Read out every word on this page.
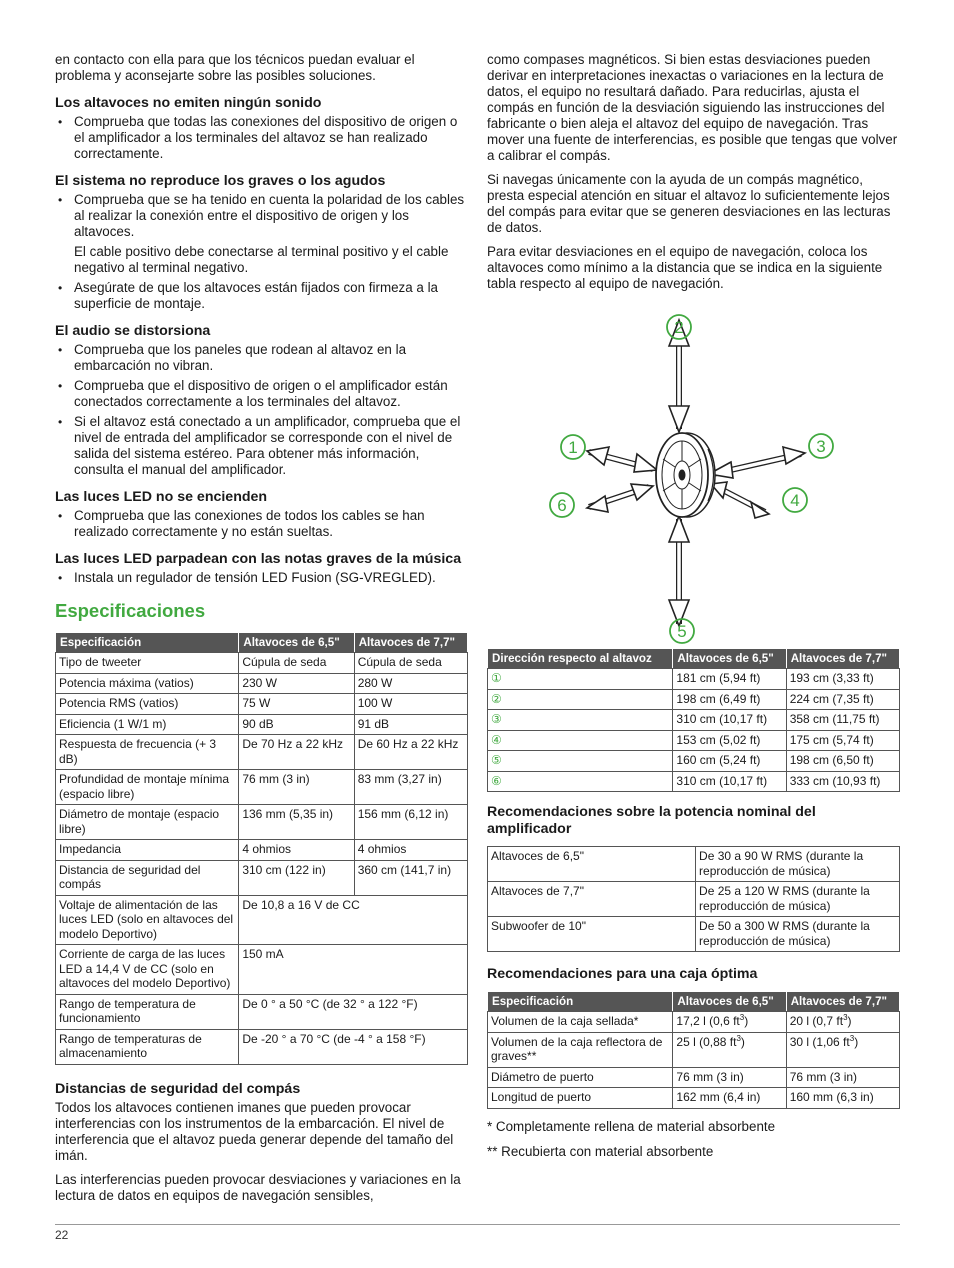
en contacto con ella para que los técnicos puedan evaluar el problema y aconsejarte sobre las posibles soluciones.

Los altavoces no emiten ningún sonido
• Comprueba que todas las conexiones del dispositivo de origen o el amplificador a los terminales del altavoz se han realizado correctamente.
El sistema no reproduce los graves o los agudos
• Comprueba que se ha tenido en cuenta la polaridad de los cables al realizar la conexión entre el dispositivo de origen y los altavoces.

El cable positivo debe conectarse al terminal positivo y el cable negativo al terminal negativo.

• Asegúrate de que los altavoces están fijados con firmeza a la superficie de montaje.
El audio se distorsiona
• Comprueba que los paneles que rodean al altavoz en la embarcación no vibran.
• Comprueba que el dispositivo de origen o el amplificador están conectados correctamente a los terminales del altavoz.
• Si el altavoz está conectado a un amplificador, comprueba que el nivel de entrada del amplificador se corresponde con el nivel de salida del sistema estéreo. Para obtener más información, consulta el manual del amplificador.
Las luces LED no se encienden
• Comprueba que las conexiones de todos los cables se han realizado correctamente y no están sueltas.
Las luces LED parpadean con las notas graves de la música
• Instala un regulador de tensión LED Fusion (SG-VREGLED).
Especificaciones
Especificación	Altavoces de 6,5"	Altavoces de 7,7"
Tipo de tweeter	Cúpula de seda	Cúpula de seda
Potencia máxima (vatios)	230 W	280 W
Potencia RMS (vatios)	75 W	100 W
Eficiencia (1 W/1 m)	90 dB	91 dB
Respuesta de frecuencia (+ 3 dB)	De 70 Hz a 22 kHz	De 60 Hz a 22 kHz
Profundidad de montaje mínima (espacio libre)	76 mm (3 in)	83 mm (3,27 in)
Diámetro de montaje (espacio libre)	136 mm (5,35 in)	156 mm (6,12 in)
Impedancia	4 ohmios	4 ohmios
Distancia de seguridad del compás	310 cm (122 in)	360 cm (141,7 in)
Voltaje de alimentación de las luces LED (solo en altavoces del modelo Deportivo)	De 10,8 a 16 V de CC	
Corriente de carga de las luces LED a 14,4 V de CC (solo en altavoces del modelo Deportivo)	150 mA	
Rango de temperatura de funcionamiento	De 0 ° a 50 °C (de 32 ° a 122 °F)	
Rango de temperaturas de almacenamiento	De -20 ° a 70 °C (de -4 ° a 158 °F)	
Distancias de seguridad del compás

Todos los altavoces contienen imanes que pueden provocar interferencias con los instrumentos de la embarcación. El nivel de interferencia que el altavoz pueda generar depende del tamaño del imán.

Las interferencias pueden provocar desviaciones y variaciones en la lectura de datos en equipos de navegación sensibles,

como compases magnéticos. Si bien estas desviaciones pueden derivar en interpretaciones inexactas o variaciones en la lectura de datos, el equipo no resultará dañado. Para reducirlas, ajusta el compás en función de la desviación siguiendo las instrucciones del fabricante o bien aleja el altavoz del equipo de navegación. Tras mover una fuente de interferencias, es posible que tengas que volver a calibrar el compás.

Si navegas únicamente con la ayuda de un compás magnético, presta especial atención en situar el altavoz lo suficientemente lejos del compás para evitar que se generen desviaciones en las lecturas de datos.

Para evitar desviaciones en el equipo de navegación, coloca los altavoces como mínimo a la distancia que se indica en la siguiente tabla respecto al equipo de navegación.

2
1	3
6	4
5
Dirección respecto al altavoz	Altavoces de 6,5"	Altavoces de 7,7"
①	181 cm (5,94 ft)	193 cm (3,33 ft)
②	198 cm (6,49 ft)	224 cm (7,35 ft)
③	310 cm (10,17 ft)	358 cm (11,75 ft)
④	153 cm (5,02 ft)	175 cm (5,74 ft)
⑤	160 cm (5,24 ft)	198 cm (6,50 ft)
⑥	310 cm (10,17 ft)	333 cm (10,93 ft)
Recomendaciones sobre la potencia nominal del amplificador
Altavoces de 6,5"	De 30 a 90 W RMS (durante la reproducción de música)
Altavoces de 7,7"	De 25 a 120 W RMS (durante la reproducción de música)
Subwoofer de 10"	De 50 a 300 W RMS (durante la reproducción de música)
Recomendaciones para una caja óptima
Especificación	Altavoces de 6,5"	Altavoces de 7,7"
Volumen de la caja sellada*	17,2 l (0,6 $ft^3$)	20 l (0,7 $ft^3$)
Volumen de la caja reflectora de graves**	25 l (0,88 $ft^3$)	30 l (1,06 $ft^3$)
Diámetro de puerto	76 mm (3 in)	76 mm (3 in)
Longitud de puerto	162 mm (6,4 in)	160 mm (6,3 in)

* Completamente rellena de material absorbente

** Recubierta con material absorbente

22
